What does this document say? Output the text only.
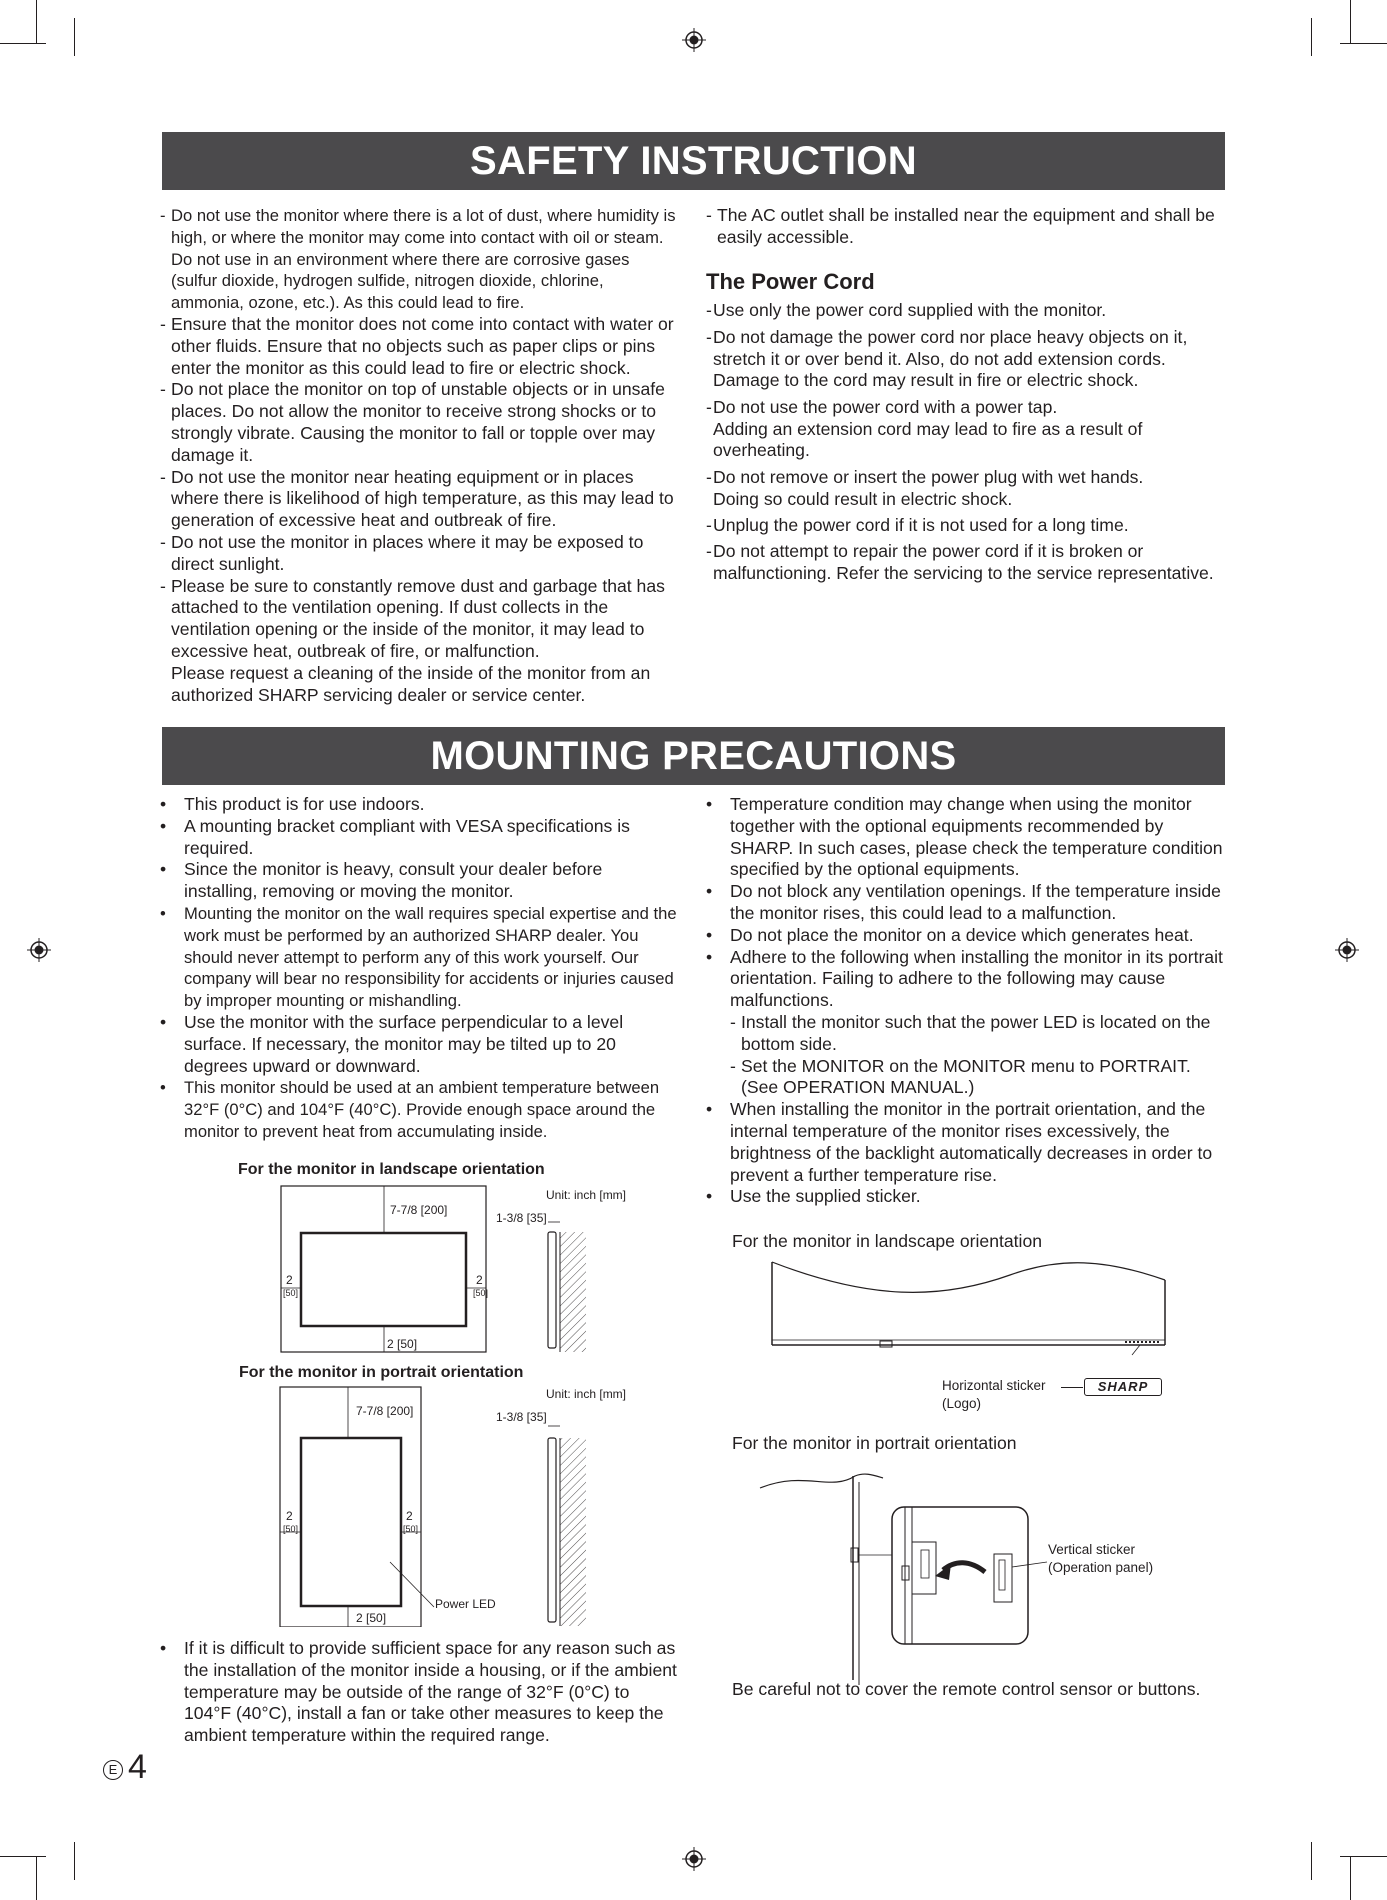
SAFETY INSTRUCTION
- Do not use the monitor where there is a lot of dust, where humidity is high, or where the monitor may come into contact with oil or steam. Do not use in an environment where there are corrosive gases (sulfur dioxide, hydrogen sulfide, nitrogen dioxide, chlorine, ammonia, ozone, etc.). As this could lead to fire.
- Ensure that the monitor does not come into contact with water or other fluids. Ensure that no objects such as paper clips or pins enter the monitor as this could lead to fire or electric shock.
- Do not place the monitor on top of unstable objects or in unsafe places. Do not allow the monitor to receive strong shocks or to strongly vibrate. Causing the monitor to fall or topple over may damage it.
- Do not use the monitor near heating equipment or in places where there is likelihood of high temperature, as this may lead to generation of excessive heat and outbreak of fire.
- Do not use the monitor in places where it may be exposed to direct sunlight.
- Please be sure to constantly remove dust and garbage that has attached to the ventilation opening. If dust collects in the ventilation opening or the inside of the monitor, it may lead to excessive heat, outbreak of fire, or malfunction.
Please request a cleaning of the inside of the monitor from an authorized SHARP servicing dealer or service center.
- The AC outlet shall be installed near the equipment and shall be easily accessible.
The Power Cord
- Use only the power cord supplied with the monitor.
- Do not damage the power cord nor place heavy objects on it, stretch it or over bend it. Also, do not add extension cords. Damage to the cord may result in fire or electric shock.
- Do not use the power cord with a power tap.
Adding an extension cord may lead to fire as a result of overheating.
- Do not remove or insert the power plug with wet hands.
Doing so could result in electric shock.
- Unplug the power cord if it is not used for a long time.
- Do not attempt to repair the power cord if it is broken or malfunctioning. Refer the servicing to the service representative.
MOUNTING PRECAUTIONS
• This product is for use indoors.
• A mounting bracket compliant with VESA specifications is required.
• Since the monitor is heavy, consult your dealer before installing, removing or moving the monitor.
• Mounting the monitor on the wall requires special expertise and the work must be performed by an authorized SHARP dealer. You should never attempt to perform any of this work yourself. Our company will bear no responsibility for accidents or injuries caused by improper mounting or mishandling.
• Use the monitor with the surface perpendicular to a level surface. If necessary, the monitor may be tilted up to 20 degrees upward or downward.
• This monitor should be used at an ambient temperature between 32°F (0°C) and 104°F (40°C). Provide enough space around the monitor to prevent heat from accumulating inside.
For the monitor in landscape orientation
Unit: inch [mm]
7-7/8 [200]
1-3/8 [35]
2
[50]
2
[50]
2 [50]
For the monitor in portrait orientation
Unit: inch [mm]
7-7/8 [200]	1-3/8 [35]
2
[50]
2
[50]
Power LED
2 [50]
• If it is difficult to provide sufficient space for any reason such as the installation of the monitor inside a housing, or if the ambient temperature may be outside of the range of 32°F (0°C) to 104°F (40°C), install a fan or take other measures to keep the ambient temperature within the required range.
• Temperature condition may change when using the monitor together with the optional equipments recommended by SHARP. In such cases, please check the temperature condition specified by the optional equipments.
• Do not block any ventilation openings. If the temperature inside the monitor rises, this could lead to a malfunction.
• Do not place the monitor on a device which generates heat.
• Adhere to the following when installing the monitor in its portrait orientation. Failing to adhere to the following may cause malfunctions.
- Install the monitor such that the power LED is located on the bottom side.
- Set the MONITOR on the MONITOR menu to PORTRAIT. (See OPERATION MANUAL.)
• When installing the monitor in the portrait orientation, and the internal temperature of the monitor rises excessively, the brightness of the backlight automatically decreases in order to prevent a further temperature rise.
• Use the supplied sticker.
For the monitor in landscape orientation
Horizontal sticker
(Logo)
SHARP
For the monitor in portrait orientation
Vertical sticker
(Operation panel)
Be careful not to cover the remote control sensor or buttons.
E 4
